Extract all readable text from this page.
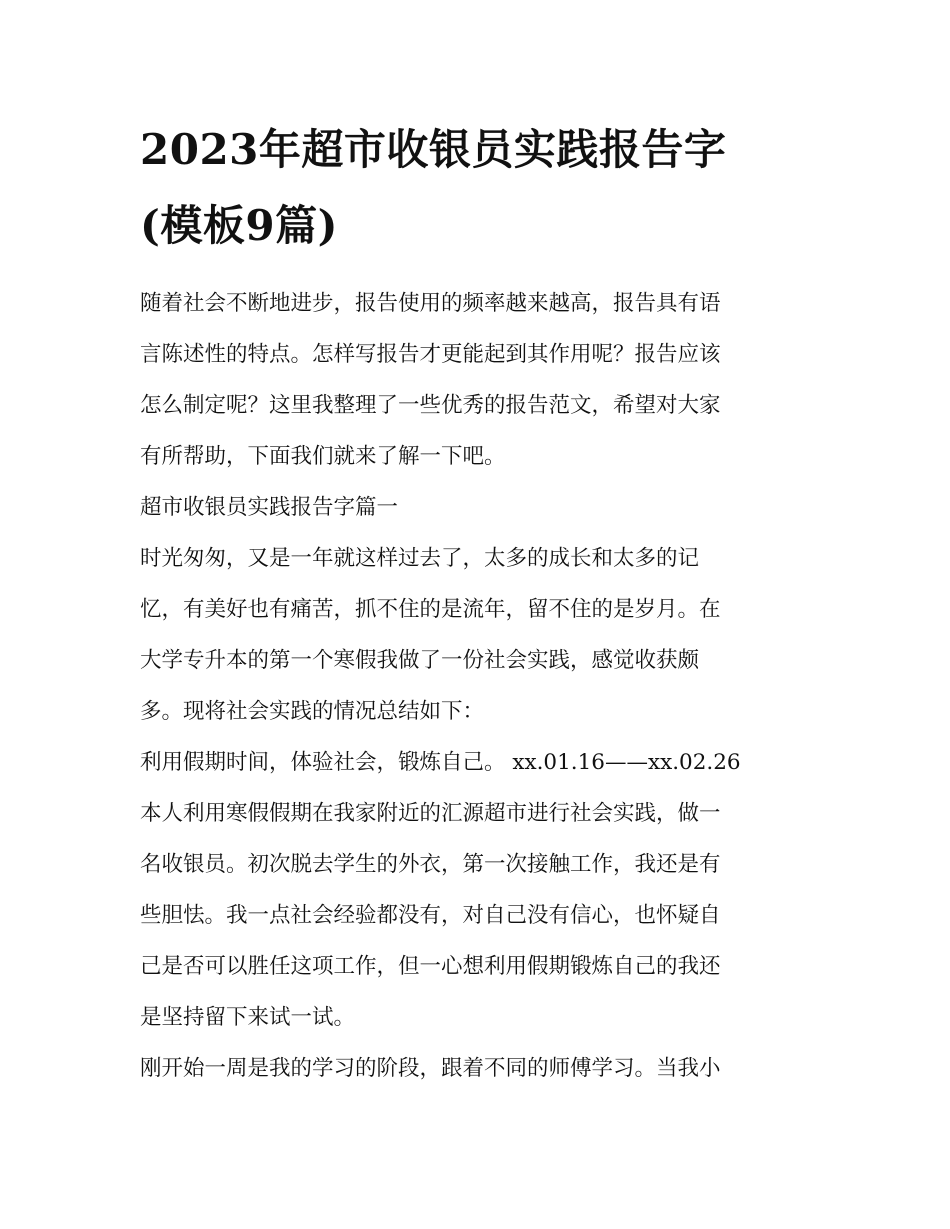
2023年超市收银员实践报告字
(模板9篇)

随着社会不断地进步，报告使用的频率越来越高，报告具有语
言陈述性的特点。怎样写报告才更能起到其作用呢？报告应该
怎么制定呢？这里我整理了一些优秀的报告范文，希望对大家
有所帮助，下面我们就来了解一下吧。

超市收银员实践报告字篇一

时光匆匆，又是一年就这样过去了，太多的成长和太多的记
忆，有美好也有痛苦，抓不住的是流年，留不住的是岁月。在
大学专升本的第一个寒假我做了一份社会实践，感觉收获颇
多。现将社会实践的情况总结如下：

利用假期时间，体验社会，锻炼自己。 xx.01.16——xx.02.26

本人利用寒假假期在我家附近的汇源超市进行社会实践，做一
名收银员。初次脱去学生的外衣，第一次接触工作，我还是有
些胆怯。我一点社会经验都没有，对自己没有信心，也怀疑自
己是否可以胜任这项工作，但一心想利用假期锻炼自己的我还
是坚持留下来试一试。

刚开始一周是我的学习的阶段，跟着不同的师傅学习。当我小
